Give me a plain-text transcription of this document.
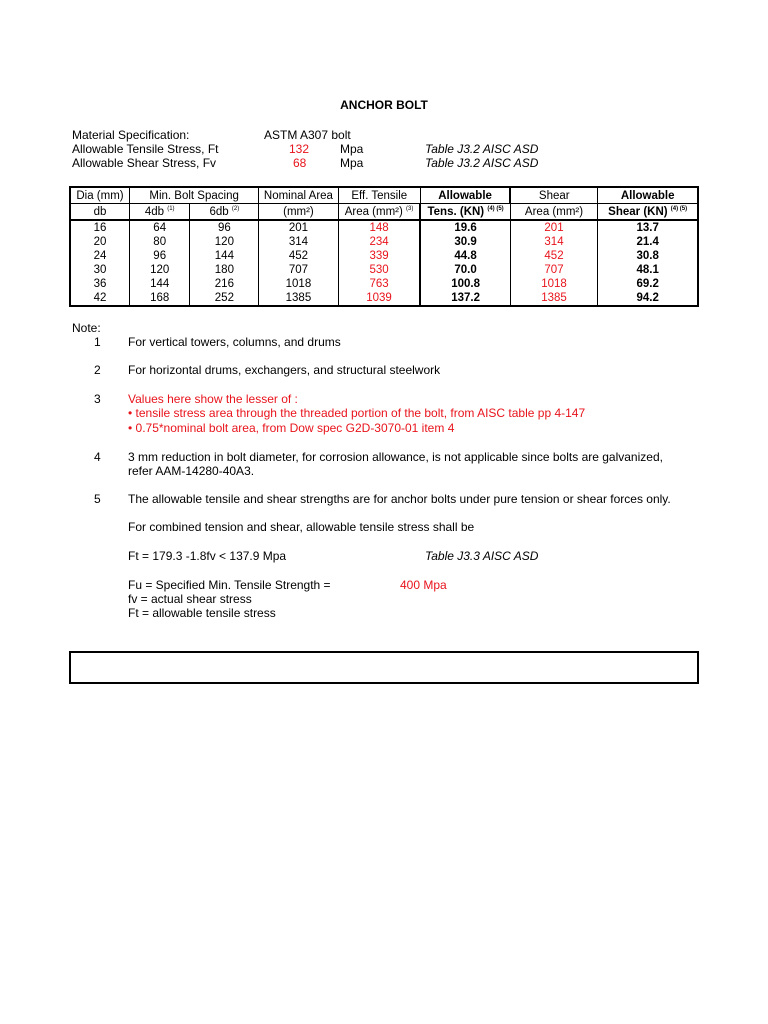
ANCHOR BOLT
Material Specification:	ASTM A307 bolt
Allowable Tensile Stress, Ft	132	Mpa	Table J3.2 AISC ASD
Allowable Shear Stress, Fv	68	Mpa	Table J3.2 AISC ASD
Dia (mm)	Min. Bolt Spacing		Nominal Area	Eff. Tensile	Allowable	Shear	Allowable
db	4db $^{(1)}$	6db $^{(2)}$	(mm²)	Area (mm²) $^{(3)}$	Tens. (KN) $^{(4) (5)}$	Area (mm²)	Shear (KN) $^{(4) (5)}$
16	64	96	201	148	19.6	201	13.7
20	80	120	314	234	30.9	314	21.4
24	96	144	452	339	44.8	452	30.8
30	120	180	707	530	70.0	707	48.1
36	144	216	1018	763	100.8	1018	69.2
42	168	252	1385	1039	137.2	1385	94.2
Note:
1 For vertical towers, columns, and drums
2 For horizontal drums, exchangers, and structural steelwork
3 Values here show the lesser of :
• tensile stress area through the threaded portion of the bolt, from AISC table pp 4-147
• 0.75*nominal bolt area, from Dow spec G2D-3070-01 item 4
4 3 mm reduction in bolt diameter, for corrosion allowance, is not applicable since bolts are galvanized,
refer AAM-14280-40A3.
5 The allowable tensile and shear strengths are for anchor bolts under pure tension or shear forces only.
For combined tension and shear, allowable tensile stress shall be
Ft = 179.3 -1.8fv < 137.9 Mpa	Table J3.3 AISC ASD
Fu = Specified Min. Tensile Strength =	400 Mpa
fv = actual shear stress
Ft = allowable tensile stress
